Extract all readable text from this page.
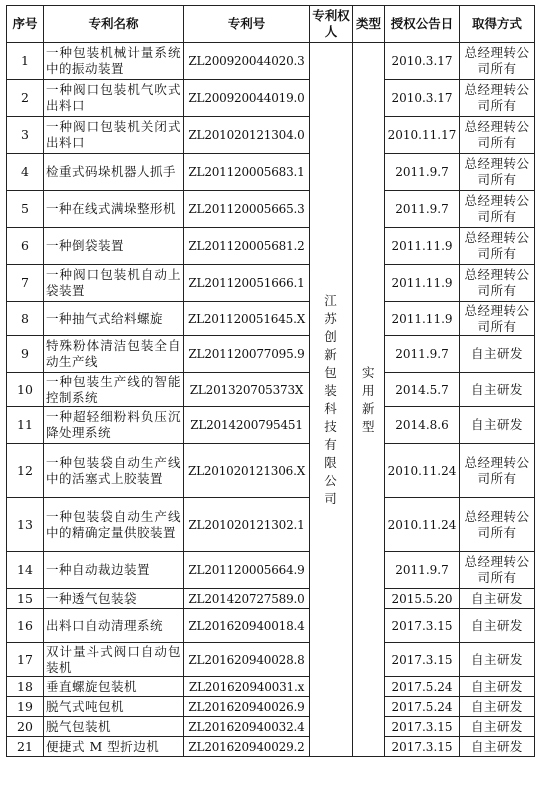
序号	专利名称	专利号	专利权人	类型	授权公告日	取得方式
1	一种包装机械计量系统中的振动装置	ZL200920044020.3	江苏创新包装科技有限公司	实用新型	2010.3.17	总经理转公司所有
2	一种阀口包装机气吹式出料口	ZL200920044019.0			2010.3.17	总经理转公司所有
3	一种阀口包装机关闭式出料口	ZL201020121304.0			2010.11.17	总经理转公司所有
4	检重式码垛机器人抓手	ZL201120005683.1			2011.9.7	总经理转公司所有
5	一种在线式满垛整形机	ZL201120005665.3			2011.9.7	总经理转公司所有
6	一种倒袋装置	ZL201120005681.2			2011.11.9	总经理转公司所有
7	一种阀口包装机自动上袋装置	ZL201120051666.1			2011.11.9	总经理转公司所有
8	一种抽气式给料螺旋	ZL201120051645.X			2011.11.9	总经理转公司所有
9	特殊粉体清洁包装全自动生产线	ZL201120077095.9			2011.9.7	自主研发
10	一种包装生产线的智能控制系统	ZL201320705373X			2014.5.7	自主研发
11	一种超轻细粉料负压沉降处理系统	ZL2014200795451			2014.8.6	自主研发
12	一种包装袋自动生产线中的活塞式上胶装置	ZL201020121306.X			2010.11.24	总经理转公司所有
13	一种包装袋自动生产线中的精确定量供胶装置	ZL201020121302.1			2010.11.24	总经理转公司所有
14	一种自动裁边装置	ZL201120005664.9			2011.9.7	总经理转公司所有
15	一种透气包装袋	ZL201420727589.0			2015.5.20	自主研发
16	出料口自动清理系统	ZL201620940018.4			2017.3.15	自主研发
17	双计量斗式阀口自动包装机	ZL201620940028.8			2017.3.15	自主研发
18	垂直螺旋包装机	ZL201620940031.x			2017.5.24	自主研发
19	脱气式吨包机	ZL201620940026.9			2017.5.24	自主研发
20	脱气包装机	ZL201620940032.4			2017.3.15	自主研发
21	便捷式 M 型折边机	ZL201620940029.2			2017.3.15	自主研发
